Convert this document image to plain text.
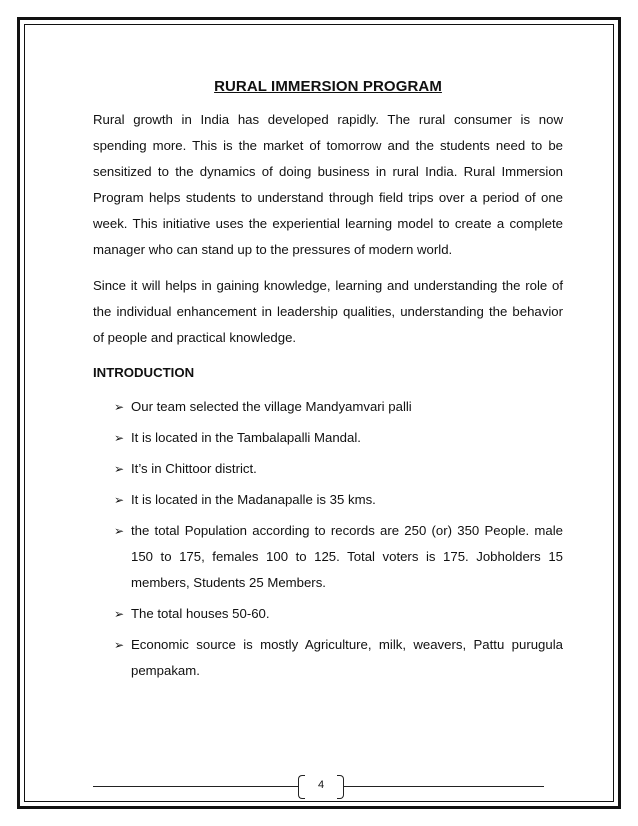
RURAL IMMERSION PROGRAM

Rural growth in India has developed rapidly. The rural consumer is now spending more. This is the market of tomorrow and the students need to be sensitized to the dynamics of doing business in rural India. Rural Immersion Program helps students to understand through field trips over a period of one week. This initiative uses the experiential learning model to create a complete manager who can stand up to the pressures of modern world.

Since it will helps in gaining knowledge, learning and understanding the role of the individual enhancement in leadership qualities, understanding the behavior of people and practical knowledge.

INTRODUCTION
➢ Our team selected the village Mandyamvari palli
➢ It is located in the Tambalapalli Mandal.
➢ It’s in Chittoor district.
➢ It is located in the Madanapalle is 35 kms.
➢ the total Population according to records are 250 (or) 350 People. male 150 to 175, females 100 to 125. Total voters is 175. Jobholders 15 members, Students 25 Members.
➢ The total houses 50-60.
➢ Economic source is mostly Agriculture, milk, weavers, Pattu purugula pempakam.
4
